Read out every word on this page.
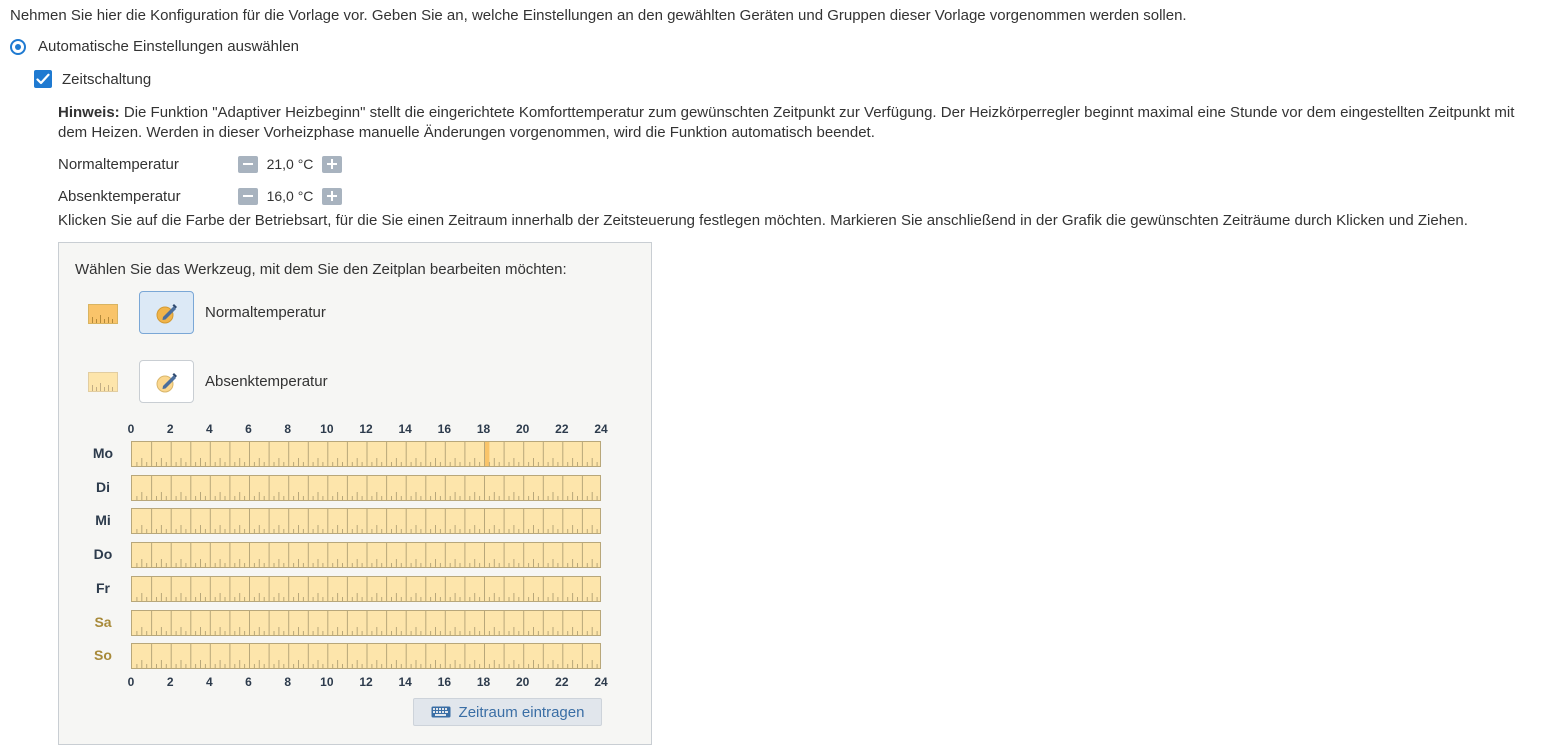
Nehmen Sie hier die Konfiguration für die Vorlage vor. Geben Sie an, welche Einstellungen an den gewählten Geräten und Gruppen dieser Vorlage vorgenommen werden sollen.
Automatische Einstellungen auswählen
Zeitschaltung
Hinweis: Die Funktion "Adaptiver Heizbeginn" stellt die eingerichtete Komforttemperatur zum gewünschten Zeitpunkt zur Verfügung. Der Heizkörperregler beginnt maximal eine Stunde vor dem eingestellten Zeitpunkt mit dem Heizen. Werden in dieser Vorheizphase manuelle Änderungen vorgenommen, wird die Funktion automatisch beendet.
Normaltemperatur	21,0 °C
Absenktemperatur	16,0 °C
Klicken Sie auf die Farbe der Betriebsart, für die Sie einen Zeitraum innerhalb der Zeitsteuerung festlegen möchten. Markieren Sie anschließend in der Grafik die gewünschten Zeiträume durch Klicken und Ziehen.
Wählen Sie das Werkzeug, mit dem Sie den Zeitplan bearbeiten möchten:
Normaltemperatur
Absenktemperatur
0	2	4	6	8	10	12	14	16	18	20	22	24
0	2	4	6	8	10	12	14	16	18	20	22	24
Mo
Di
Mi
Do
Fr
Sa
So
Zeitraum eintragen
